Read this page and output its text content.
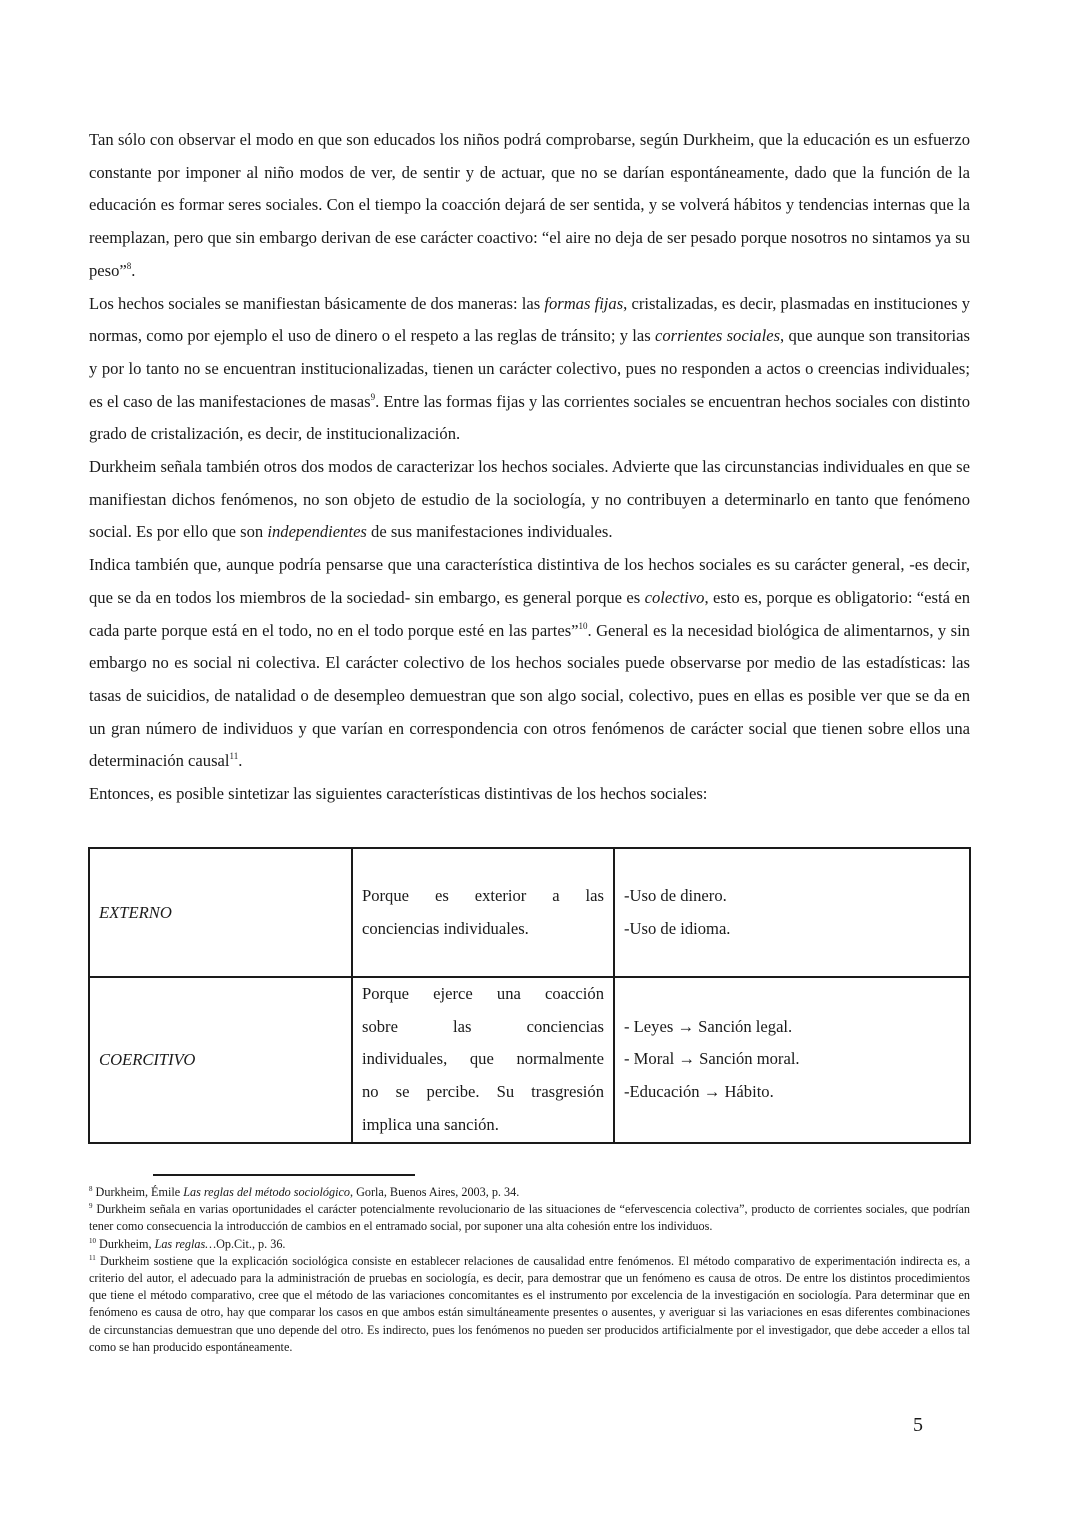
Tan sólo con observar el modo en que son educados los niños podrá comprobarse, según Durkheim, que la educación es un esfuerzo constante por imponer al niño modos de ver, de sentir y de actuar, que no se darían espontáneamente, dado que la función de la educación es formar seres sociales. Con el tiempo la coacción dejará de ser sentida, y se volverá hábitos y tendencias internas que la reemplazan, pero que sin embargo derivan de ese carácter coactivo: “el aire no deja de ser pesado porque nosotros no sintamos ya su peso”$^8$.

Los hechos sociales se manifiestan básicamente de dos maneras: las formas fijas, cristalizadas, es decir, plasmadas en instituciones y normas, como por ejemplo el uso de dinero o el respeto a las reglas de tránsito; y las corrientes sociales, que aunque son transitorias y por lo tanto no se encuentran institucionalizadas, tienen un carácter colectivo, pues no responden a actos o creencias individuales; es el caso de las manifestaciones de masas$^9$. Entre las formas fijas y las corrientes sociales se encuentran hechos sociales con distinto grado de cristalización, es decir, de institucionalización.

Durkheim señala también otros dos modos de caracterizar los hechos sociales. Advierte que las circunstancias individuales en que se manifiestan dichos fenómenos, no son objeto de estudio de la sociología, y no contribuyen a determinarlo en tanto que fenómeno social. Es por ello que son independientes de sus manifestaciones individuales.

Indica también que, aunque podría pensarse que una característica distintiva de los hechos sociales es su carácter general, -es decir, que se da en todos los miembros de la sociedad- sin embargo, es general porque es colectivo, esto es, porque es obligatorio: “está en cada parte porque está en el todo, no en el todo porque esté en las partes”$^{10}$. General es la necesidad biológica de alimentarnos, y sin embargo no es social ni colectiva. El carácter colectivo de los hechos sociales puede observarse por medio de las estadísticas: las tasas de suicidios, de natalidad o de desempleo demuestran que son algo social, colectivo, pues en ellas es posible ver que se da en un gran número de individuos y que varían en correspondencia con otros fenómenos de carácter social que tienen sobre ellos una determinación causal$^{11}$.

Entonces, es posible sintetizar las siguientes características distintivas de los hechos sociales:

EXTERNO	Porque es exterior a las
conciencias individuales.	-Uso de dinero.
-Uso de idioma.

COERCITIVO	Porque ejerce una coacción
sobre las conciencias
individuales, que normalmente
no se percibe. Su trasgresión
implica una sanción.	- Leyes → Sanción legal.
- Moral → Sanción moral.
-Educación → Hábito.

$^8$ Durkheim, Émile Las reglas del método sociológico, Gorla, Buenos Aires, 2003, p. 34.

$^9$ Durkheim señala en varias oportunidades el carácter potencialmente revolucionario de las situaciones de “efervescencia colectiva”, producto de corrientes sociales, que podrían tener como consecuencia la introducción de cambios en el entramado social, por suponer una alta cohesión entre los individuos.

$^{10}$ Durkheim, Las reglas…Op.Cit., p. 36.

$^{11}$ Durkheim sostiene que la explicación sociológica consiste en establecer relaciones de causalidad entre fenómenos. El método comparativo de experimentación indirecta es, a criterio del autor, el adecuado para la administración de pruebas en sociología, es decir, para demostrar que un fenómeno es causa de otros. De entre los distintos procedimientos que tiene el método comparativo, cree que el método de las variaciones concomitantes es el instrumento por excelencia de la investigación en sociología. Para determinar que en fenómeno es causa de otro, hay que comparar los casos en que ambos están simultáneamente presentes o ausentes, y averiguar si las variaciones en esas diferentes combinaciones de circunstancias demuestran que uno depende del otro. Es indirecto, pues los fenómenos no pueden ser producidos artificialmente por el investigador, que debe acceder a ellos tal como se han producido espontáneamente.

5
